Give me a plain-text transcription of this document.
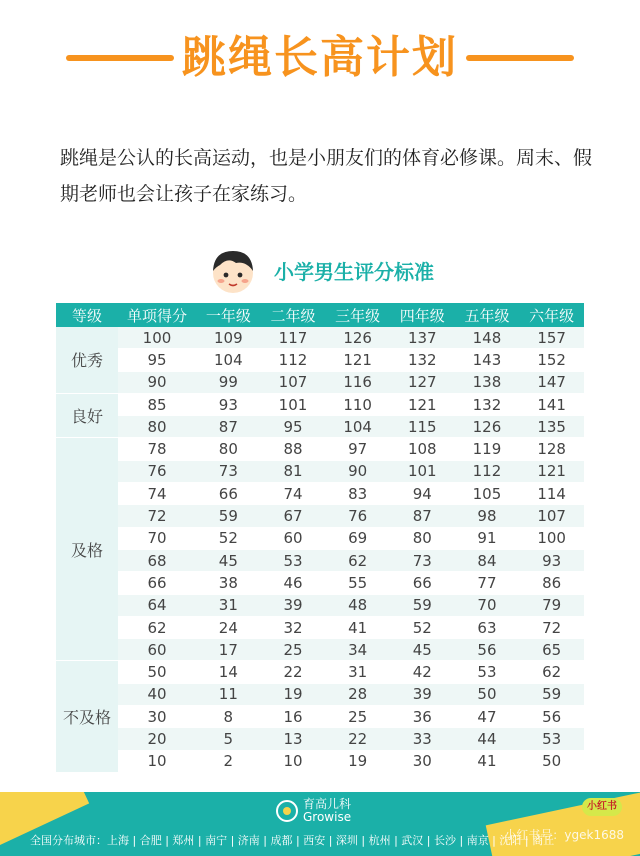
跳绳长高计划
跳绳是公认的长高运动，也是小朋友们的体育必修课。周末、假期老师也会让孩子在家练习。
小学男生评分标准
等级	单项得分	一年级	二年级	三年级	四年级	五年级	六年级
优秀	100	109	117	126	137	148	157
	95	104	112	121	132	143	152
	90	99	107	116	127	138	147
良好	85	93	101	110	121	132	141
	80	87	95	104	115	126	135
及格	78	80	88	97	108	119	128
	76	73	81	90	101	112	121
	74	66	74	83	94	105	114
	72	59	67	76	87	98	107
	70	52	60	69	80	91	100
	68	45	53	62	73	84	93
	66	38	46	55	66	77	86
	64	31	39	48	59	70	79
	62	24	32	41	52	63	72
	60	17	25	34	45	56	65
不及格	50	14	22	31	42	53	62
	40	11	19	28	39	50	59
	30	8	16	25	36	47	56
	20	5	13	22	33	44	53
	10	2	10	19	30	41	50
育高儿科
Growise
全国分布城市：上海 | 合肥 | 郑州 | 南宁 | 济南 | 成都 | 西安 | 深圳 | 杭州 | 武汉 | 长沙 | 南京 | 沈阳 | 商丘
小红书
小红书号：ygek1688
